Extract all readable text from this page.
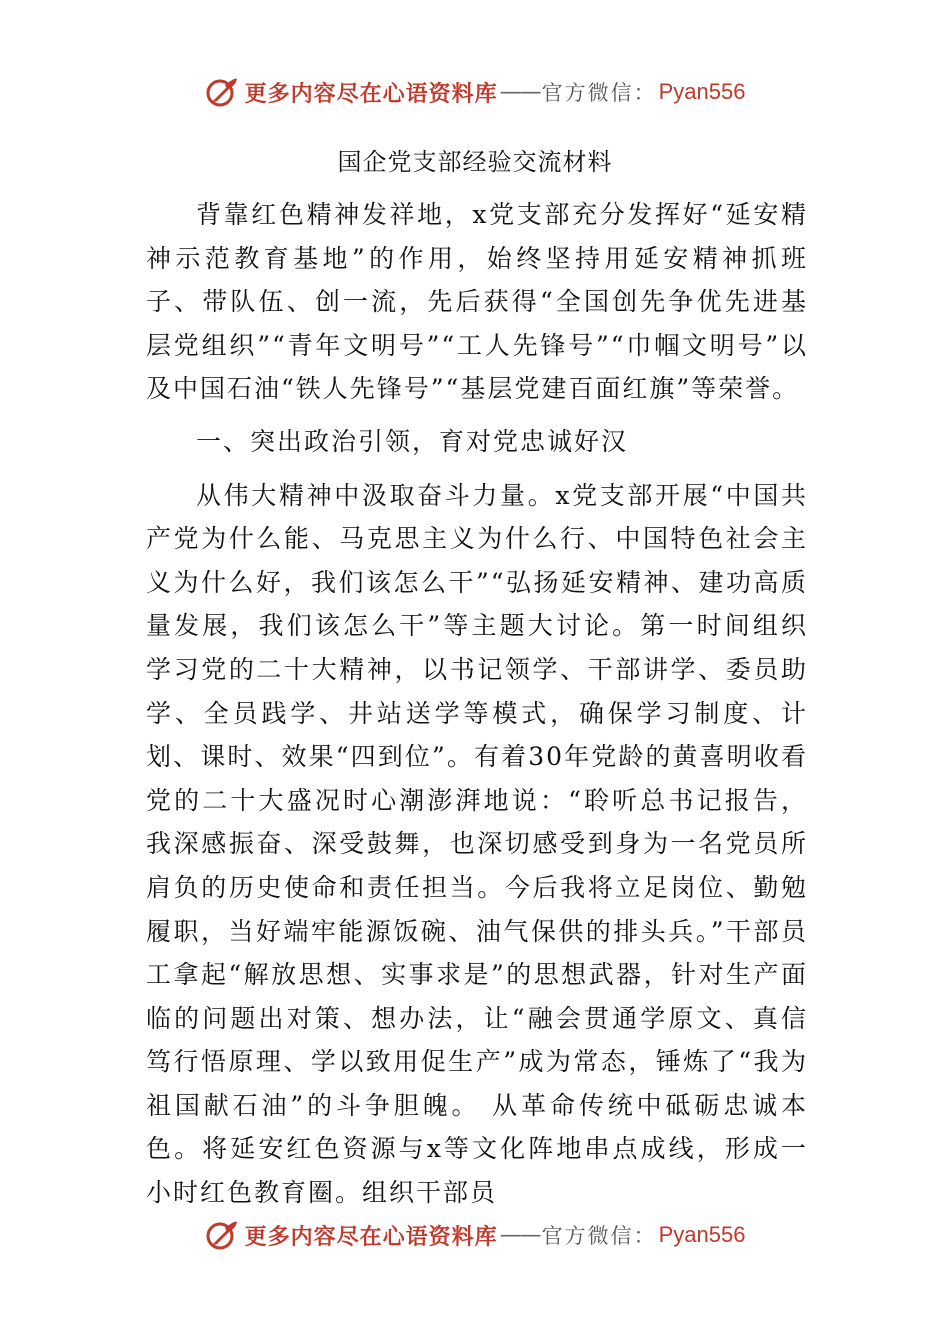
更多内容尽在心语资料库 —— 官方微信： Pyan556
国企党支部经验交流材料

背靠红色精神发祥地，x党支部充分发挥好“延安精神示范教育基地”的作用，始终坚持用延安精神抓班子、带队伍、创一流，先后获得“全国创先争优先进基层党组织”“青年文明号”“工人先锋号”“巾帼文明号”以及中国石油“铁人先锋号”“基层党建百面红旗”等荣誉。

一、突出政治引领，育对党忠诚好汉

从伟大精神中汲取奋斗力量。x党支部开展“中国共产党为什么能、马克思主义为什么行、中国特色社会主义为什么好，我们该怎么干”“弘扬延安精神、建功高质量发展，我们该怎么干”等主题大讨论。第一时间组织学习党的二十大精神，以书记领学、干部讲学、委员助学、全员践学、井站送学等模式，确保学习制度、计划、课时、效果“四到位”。有着30年党龄的黄喜明收看党的二十大盛况时心潮澎湃地说：“聆听总书记报告，我深感振奋、深受鼓舞，也深切感受到身为一名党员所肩负的历史使命和责任担当。今后我将立足岗位、勤勉履职，当好端牢能源饭碗、油气保供的排头兵。”干部员工拿起“解放思想、实事求是”的思想武器，针对生产面临的问题出对策、想办法，让“融会贯通学原文、真信笃行悟原理、学以致用促生产”成为常态，锤炼了“我为祖国献石油”的斗争胆魄。 从革命传统中砥砺忠诚本色。将延安红色资源与x等文化阵地串点成线，形成一小时红色教育圈。组织干部员

更多内容尽在心语资料库 —— 官方微信： Pyan556
